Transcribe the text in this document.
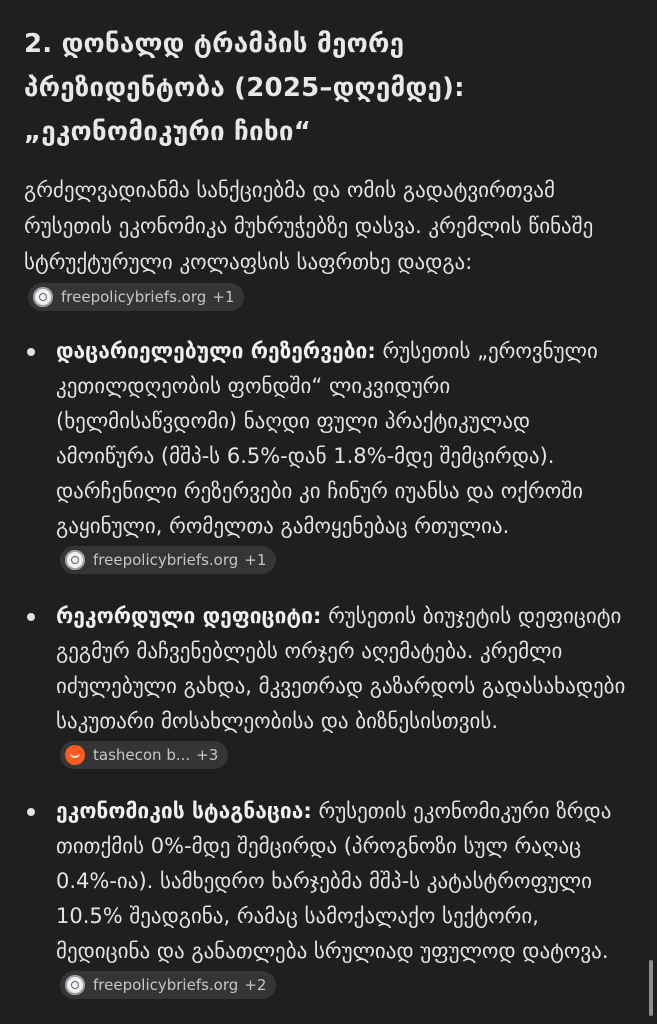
2. დონალდ ტრამპის მეორე
პრეზიდენტობა (2025–დღემდე):
„ეკონომიკური ჩიხი“

გრძელვადიანმა სანქციებმა და ომის გადატვირთვამ რუსეთის ეკონომიკა მუხრუჭებზე დასვა. კრემლის წინაშე სტრუქტურული კოლაფსის საფრთხე დადგა:
freepolicybriefs.org +1

დაცარიელებული რეზერვები: რუსეთის „ეროვნული კეთილდღეობის ფონდში“ ლიკვიდური (ხელმისაწვდომი) ნაღდი ფული პრაქტიკულად ამოიწურა (მშპ-ს 6.5%-დან 1.8%-მდე შემცირდა). დარჩენილი რეზერვები კი ჩინურ იუანსა და ოქროში გაყინული, რომელთა გამოყენებაც რთულია.
freepolicybriefs.org +1
რეკორდული დეფიციტი: რუსეთის ბიუჯეტის დეფიციტი გეგმურ მაჩვენებლებს ორჯერ აღემატება. კრემლი იძულებული გახდა, მკვეთრად გაზარდოს გადასახადები საკუთარი მოსახლეობისა და ბიზნესისთვის.
tashecon b... +3
ეკონომიკის სტაგნაცია: რუსეთის ეკონომიკური ზრდა თითქმის 0%-მდე შემცირდა (პროგნოზი სულ რაღაც 0.4%-ია). სამხედრო ხარჯებმა მშპ-ს კატასტროფული 10.5% შეადგინა, რამაც სამოქალაქო სექტორი, მედიცინა და განათლება სრულიად უფულოდ დატოვა.
freepolicybriefs.org +2
